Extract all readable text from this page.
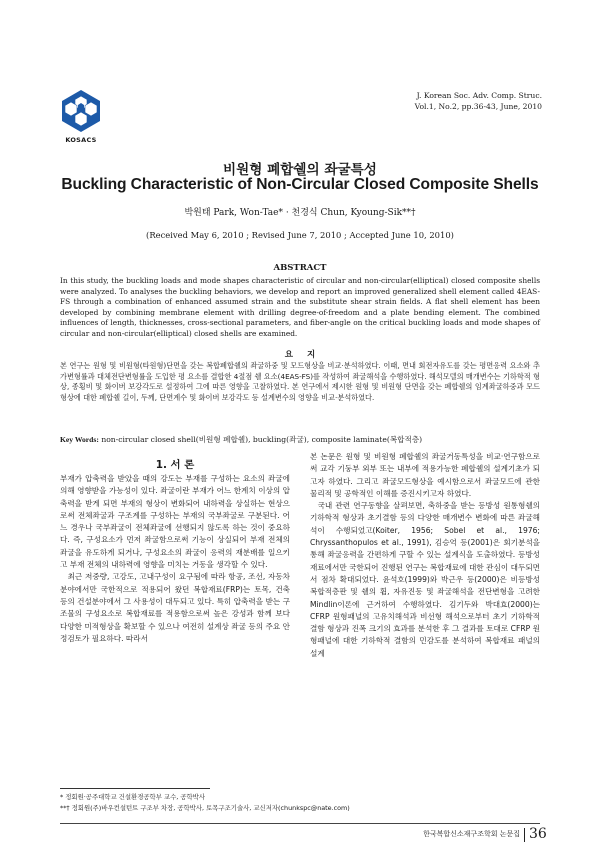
KOSACS
J. Korean Soc. Adv. Comp. Struc.
Vol.1, No.2, pp.36-43, June, 2010
비원형 폐합쉘의 좌굴특성
Buckling Characteristic of Non-Circular Closed Composite Shells
박원태 Park, Won-Tae* · 천경식 Chun, Kyoung-Sik**†
(Received May 6, 2010 ; Revised June 7, 2010 ; Accepted June 10, 2010)
ABSTRACT

In this study, the buckling loads and mode shapes characteristic of circular and non-circular(elliptical) closed composite shells were analyzed. To analyses the buckling behaviors, we develop and report an improved generalized shell element called 4EAS-FS through a combination of enhanced assumed strain and the substitute shear strain fields. A flat shell element has been developed by combining membrane element with drilling degree-of-freedom and a plate bending element. The combined influences of length, thicknesses, cross-sectional parameters, and fiber-angle on the critical buckling loads and mode shapes of circular and non-circular(elliptical) closed shells are examined.

요지

본 연구는 원형 및 비원형(타원형)단면을 갖는 복합폐합쉘의 좌굴하중 및 모드형상을 비교·분석하였다. 이때, 면내 회전자유도를 갖는 평면응력 요소와 추가변형률과 대체전단변형률을 도입한 평 요소를 결합한 4절점 쉘 요소(4EAS-FS)를 작성하여 좌굴해석을 수행하였다. 해석모델의 매개변수는 기하학적 형상, 종횡비 및 화이버 보강각도로 설정하여 그에 따른 영향을 고찰하였다. 본 연구에서 제시한 원형 및 비원형 단면을 갖는 폐합쉘의 임계좌굴하중과 모드형상에 대한 폐합쉘 길이, 두께, 단면계수 및 화이버 보강각도 등 설계변수의 영향을 비교·분석하였다.

Key Words: non-circular closed shell(비원형 폐합쉘), buckling(좌굴), composite laminate(복합적층)
1. 서 론

부재가 압축력을 받았을 때의 강도는 부재를 구성하는 요소의 좌굴에 의해 영향받을 가능성이 있다. 좌굴이란 부재가 어느 한계치 이상의 압축력을 받게 되면 부재의 형상이 변화되어 내하력을 상실하는 현상으로써 전체좌굴과 구조계를 구성하는 부재의 국부좌굴로 구분된다. 어느 경우나 국부좌굴이 전체좌굴에 선행되지 않도록 하는 것이 중요하다. 즉, 구성요소가 먼저 좌굴함으로써 기능이 상실되어 부재 전체의 좌굴을 유도하게 되거나, 구성요소의 좌굴이 응력의 재분배를 일으키고 부재 전체의 내하력에 영향을 미치는 거동을 생각할 수 있다.

최근 저중량, 고강도, 고내구성이 요구됨에 따라 항공, 조선, 자동차분야에서만 국한적으로 적용되어 왔던 복합재료(FRP)는 토목, 건축 등의 건설분야에서 그 사용성이 대두되고 있다. 특히 압축력을 받는 구조물의 구성요소로 복합재료를 적용함으로써 높은 강성과 함께 보다 다양한 미적형상을 확보할 수 있으나 여전히 설계상 좌굴 등의 주요 안정검토가 필요하다. 따라서

본 논문은 원형 및 비원형 폐합쉘의 좌굴거동특성을 비교·연구함으로써 교각 기둥부 외부 또는 내부에 적용가능한 폐합쉘의 설계기초가 되고자 하였다. 그리고 좌굴모드형상을 예시함으로서 좌굴모드에 관한 물리적 및 공학적인 이해를 증진시키고자 하였다.

국내 관련 연구동향을 살펴보면, 축하중을 받는 등방성 원통형쉘의 기하학적 형상과 초기결함 등의 다양한 매개변수 변화에 따른 좌굴해석이 수행되었고(Koiter, 1956; Sobel et al., 1976; Chryssanthopulos et al., 1991), 김승억 등(2001)은 회기분석을 통해 좌굴응력을 간편하게 구할 수 있는 설계식을 도출하였다. 등방성재료에서만 국한되어 진행된 연구는 복합재료에 대한 관심이 대두되면서 점차 확대되었다. 윤석호(1999)와 박근우 등(2000)은 비등방성 복합적층판 및 쉘의 휨, 자유진동 및 좌굴해석을 전단변형을 고려한 Mindlin이론에 근거하여 수행하였다. 김기두와 박대효(2000)는 CFRP 원형패널의 고유치해석과 비선형 해석으로부터 초기 기하학적 결함 형상과 진폭 크기의 효과를 분석한 후 그 결과를 토대로 CFRP 원형패널에 대한 기하학적 결함의 민감도를 분석하여 복합재료 패널의 설계

* 정회원·공주대학교 건설환경공학부 교수, 공학박사
**† 정회원(주)바우컨설턴트 구조부 차장, 공학박사, 토목구조기술사, 교신저자(chunkspc@nate.com)
한국복합신소재구조학회 논문집 36
